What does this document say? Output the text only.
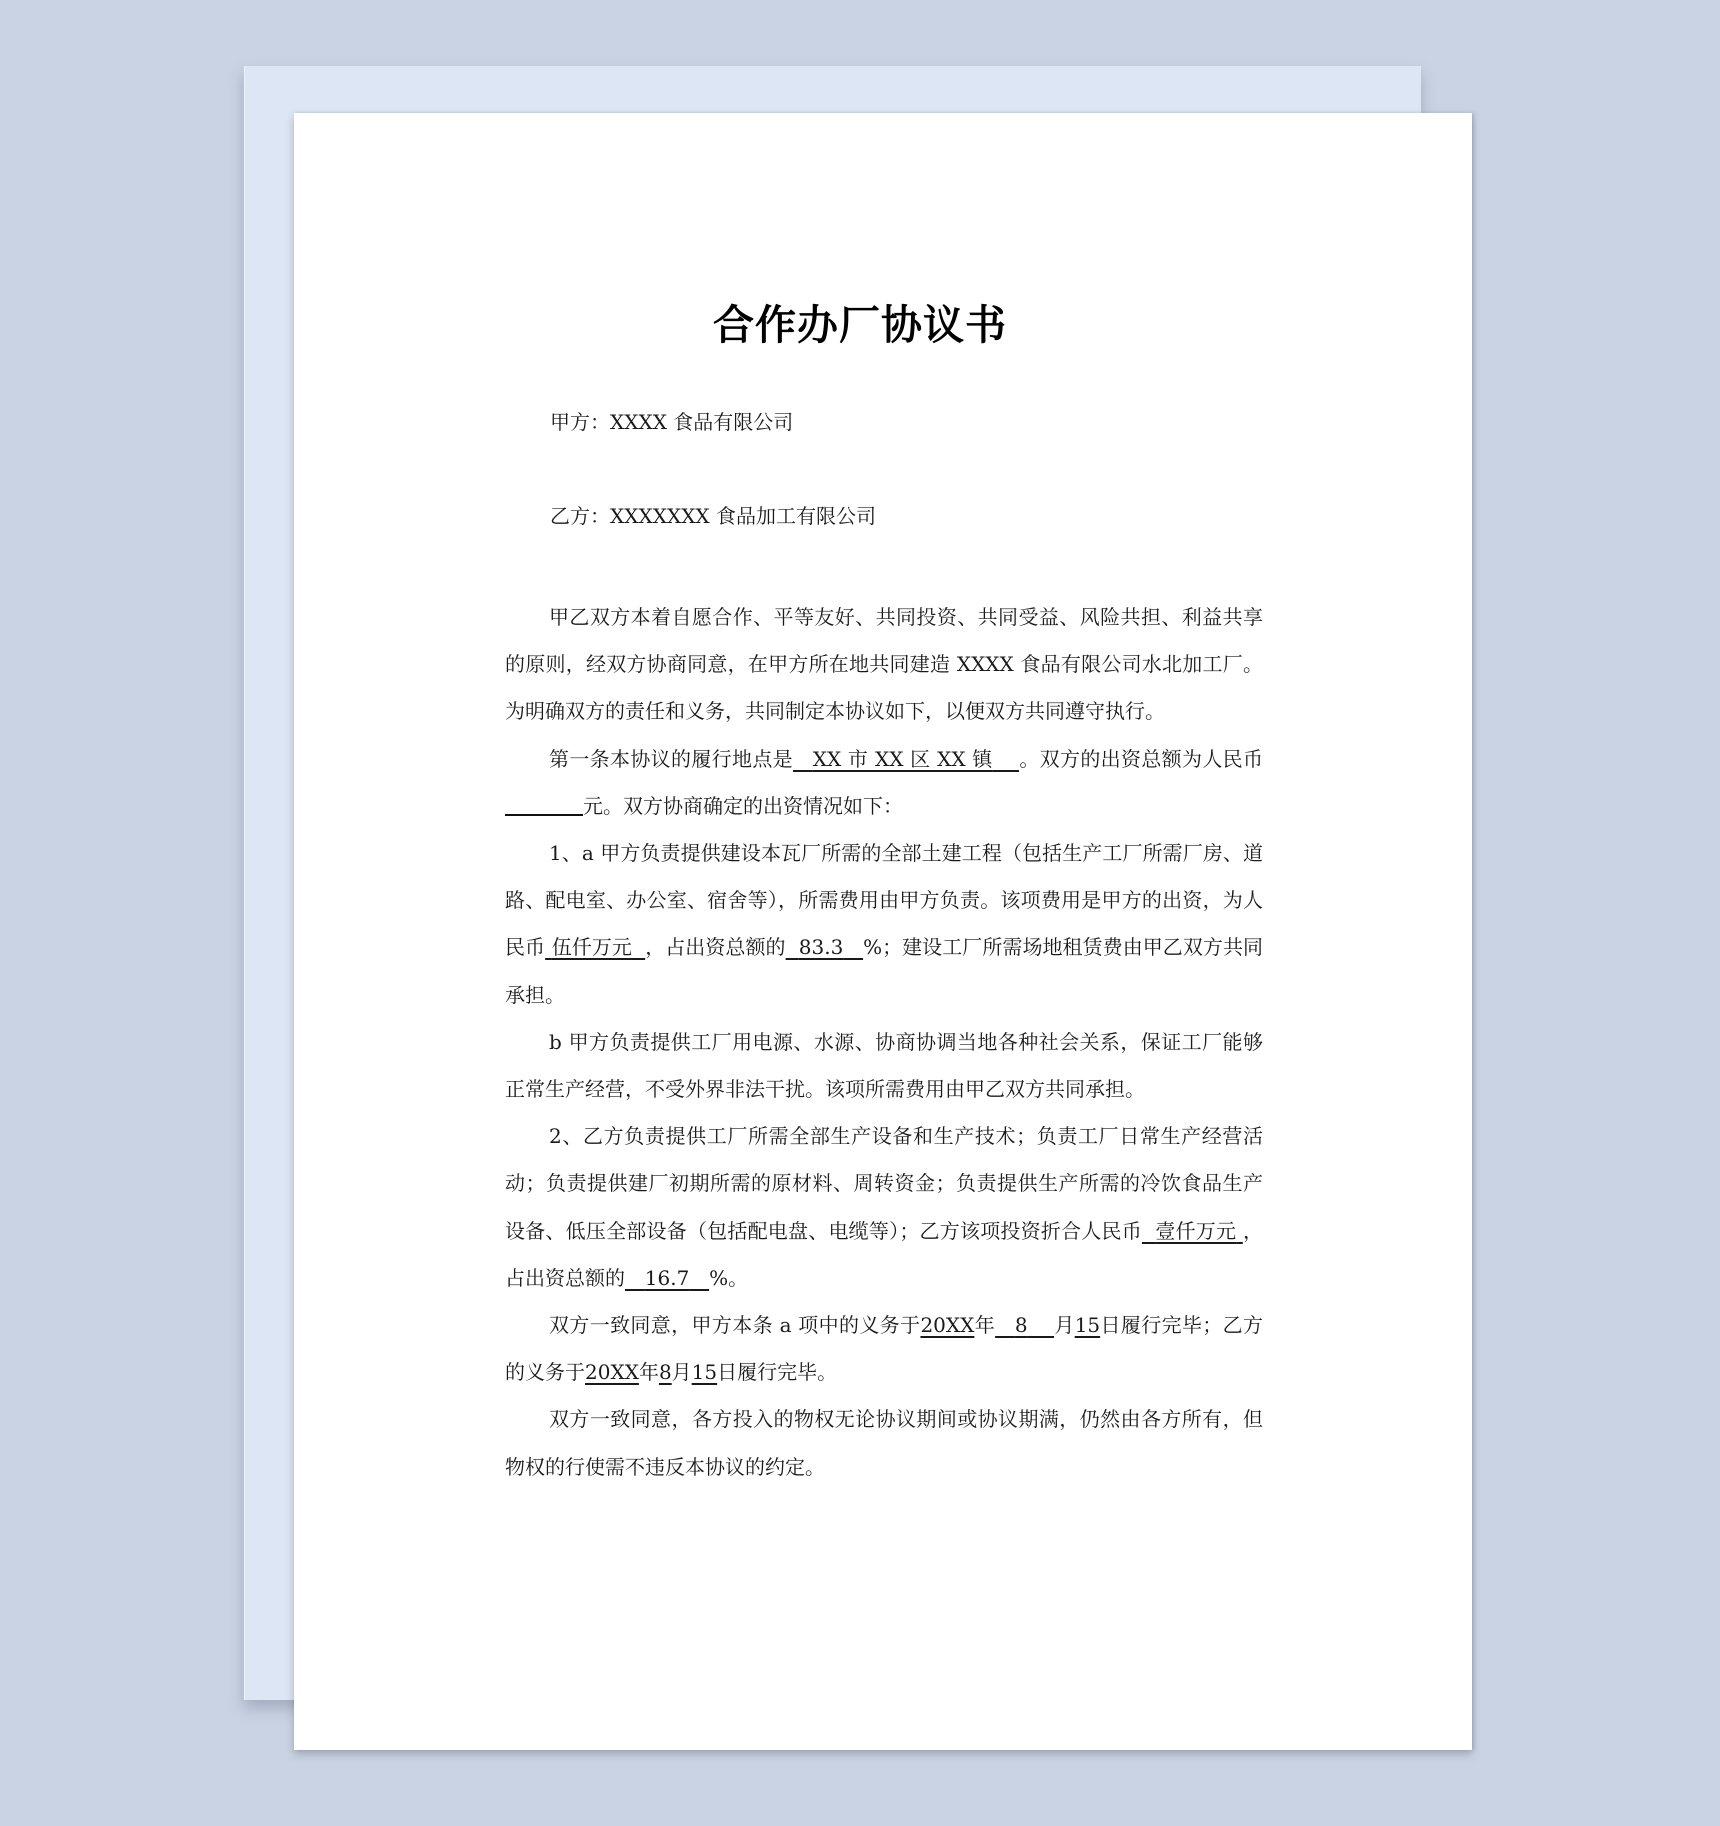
合作办厂协议书
甲方：XXXX 食品有限公司
乙方：XXXXXXX 食品加工有限公司

甲乙双方本着自愿合作、平等友好、共同投资、共同受益、风险共担、利益共享的原则，经双方协商同意，在甲方所在地共同建造 XXXX 食品有限公司水北加工厂。为明确双方的责任和义务，共同制定本协议如下，以便双方共同遵守执行。

第一条本协议的履行地点是    XX 市 XX 区 XX 镇     。双方的出资总额为人民币元。双方协商确定的出资情况如下：

1、a 甲方负责提供建设本瓦厂所需的全部土建工程（包括生产工厂所需厂房、道路、配电室、办公室、宿舍等），所需费用由甲方负责。该项费用是甲方的出资，为人民币  伍仟万元   ，占出资总额的   83.3    %；建设工厂所需场地租赁费由甲乙双方共同承担。

b 甲方负责提供工厂用电源、水源、协商协调当地各种社会关系，保证工厂能够正常生产经营，不受外界非法干扰。该项所需费用由甲乙双方共同承担。

2、乙方负责提供工厂所需全部生产设备和生产技术；负责工厂日常生产经营活动；负责提供建厂初期所需的原材料、周转资金；负责提供生产所需的冷饮食品生产设备、低压全部设备（包括配电盘、电缆等）；乙方该项投资折合人民币   壹仟万元  ，占出资总额的    16.7    %。

双方一致同意，甲方本条 a 项中的义务于20XX年    8     月15日履行完毕；乙方的义务于20XX年8月15日履行完毕。

双方一致同意，各方投入的物权无论协议期间或协议期满，仍然由各方所有，但物权的行使需不违反本协议的约定。
